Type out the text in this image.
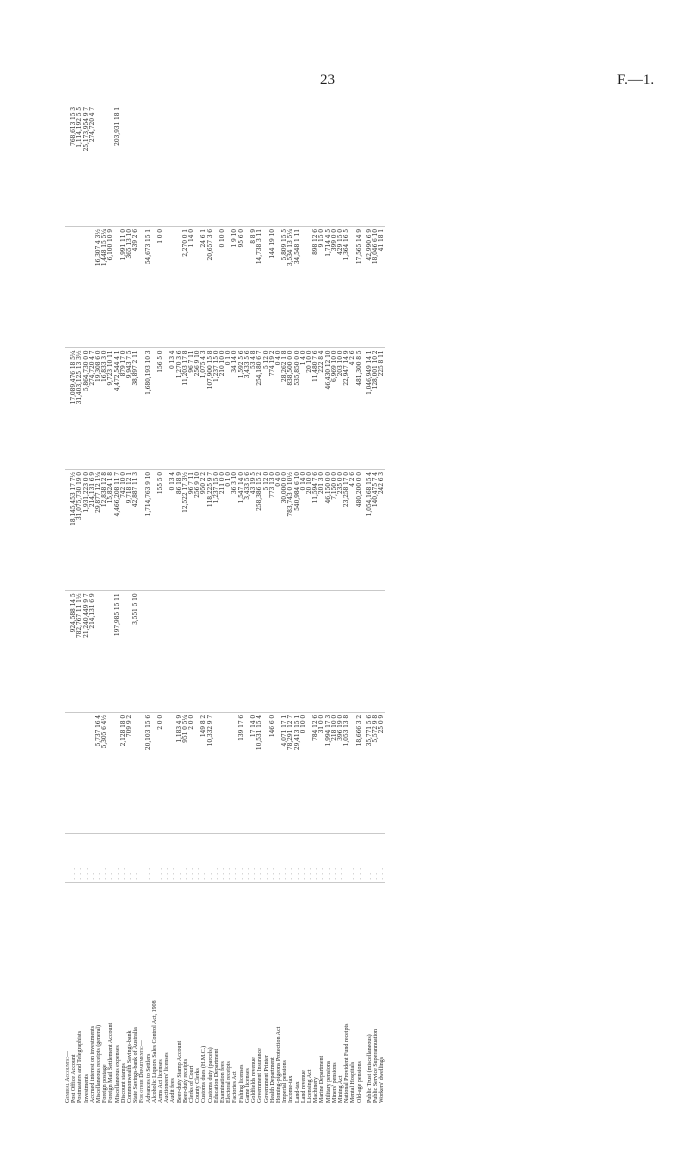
23	F.—1.
General Accounts:—							
Post Office Account	. . .		924,588 14 5	18,145,453 17 7½	17,089,476 18 5¼		768,613 15 3
Postmasters and Telegraphists	. . .		782,767 11 1½	31,075,730 19 0	31,403,125 13 3½		1,114,192 5 5
Investments	. . .		21,240,449 9 7	1,931,223 0 0	5,864,730 0 0		25,173,954 9 7
Accrued interest on investments	. .		214,131 6 9	214,131 6 9	274,720 4 7		274,720 4 7
Miscellaneous receipts (general)	. .	5,737 16 4		29,877 12 1¼	19,308 6 0	16,307 4 3½	
Foreign postage	. . .	5,305 6 4½		12,838 12 8	16,833 3 0	1,448 15 5¼	
Foreign Mail Settlement Account	. .			15,824 1 8	9,723 10 11	6,100 10 9	
Miscellaneous expenses	. . .		197,985 15 11	4,466,208 11 7	4,472,544 4 1		203,931 18 1
Discount stamps	. . .	2,128 18 0		742 10 0	879 17 0	1,991 11 0	
Commonwealth Savings-bank	. .	709 9 2		9,718 12 1	9,943 7 5	365 13 10	
State Savings-bank of Australia	. .		3,551 5 10	42,887 11 3	38,897 2 11	439 2 6	
For other Departments:—							
Advances to Settlers	. . .	20,103 15 6		1,714,763 9 10	1,680,193 10 3	54,673 15 1	
Alcoholic Liquors Sales Control Act, 1908							
Arms Act licenses	. . .	2 0 0		155 5 0	156 5 0	1 0 0	
Auctioneers' licenses	. . .						
Audit fees	. . .			0 13 4	0 13 4		
Beer-duty Stamp Account	. .	1,183 4 9		86 18 9	1,270 3 6		
Beer-duty receipts	. . .	951 0 5¼		12,522 17 3½	11,203 17 8	2,270 0 1	
Clerks of Court	. . .	2 0 0		96 7 11	96 7 11	1 14 0	
County Clerks	. . .			256 9 10	256 9 10		
Customs dues (H.M.C.)	. .	149 8 2		950 2 2	1,075 4 3	24 6 1	
Customs duty (parcels)	. .	10,332 9 7		118,225 9 7	107,900 15 8	20,657 3 6	
Education Department	. . .			1,237 15 0	1,237 15 0		
Examination fees	. . .			211 0 0	210 10 0	0 10 0	
Electoral receipts	. . .			0 1 0	0 1 0		
Factories Act	. . .			36 3 10	34 14 0	1 9 10	
Fishing licenses	. . .	139 17 6		1,547 14 0	1,592 5 6	95 6 0	
Game licenses	. . .			3,433 5 6	3,433 5 6		
Goldfields revenue	. . .	17 14 0		43 19 5	53 4 8	8 8 9	
Government Insurance	. . .	10,531 15 4		258,386 15 2	254,180 6 7	14,738 3 11	
Government Printer	. . .			5 12 0	5 12 0		
Health Department	. . .	146 6 0		773 13 0	774 19 2	144 19 10	
Homing-pigeons Protection Act	. .			0 4 0	0 4 0		
Imperial pensions	. . .	4,071 17 1		30,000 0 0	28,262 1 8	5,809 15 5	
Income-tax	. . .	78,291 12 7		783,743 0 10½	838,500 0 0	3,534 13 5¼	
Land-tax	. . .	29,413 15 1		540,984 6 10	535,850 0 0	34,548 1 11	
Land revenue	. . .	0 10 0		0 14 0	1 4 0		
Licensing Act	. . .			20 10 0	20 10 0		
Machinery	. . .	784 12 6		11,594 7 6	11,480 7 6	898 12 6	
Marine Department	. . .	31 0 0		201 3 0	222 8 4	9 15 0	
Military pensions	. . .	1,994 17 3		46,150 0 0	46,430 12 10	1,714 4 5	
Miners' pensions	. . .	218 10 0		7,150 0 0	6,969 10 0	399 0 0	
Mining Act	. . .	396 19 0		235 0 0	203 10 0	429 15 0	
National Provident Fund receipts		1,053 13 8		23,258 17 0	22,947 14 9	1,364 16 5	
Mental Hospitals	. . .			4 2 6	4 2 6		
Old-age pensions	. . .	18,666 3 2		480,200 0 0	481,300 8 5	17,565 14 9	

Public Trust (miscellaneous)	. .	35,771 5 6		1,054,168 15 4	1,046,949 14 1	42,990 6 9	
Public Service Superannuation	. .	5,572 9 8		140,475 7 4	128,001 10 2	18,046 6 10	
Workers' dwellings	. . .	25 0 9		242 6 3	225 8 11	41 18 1	
